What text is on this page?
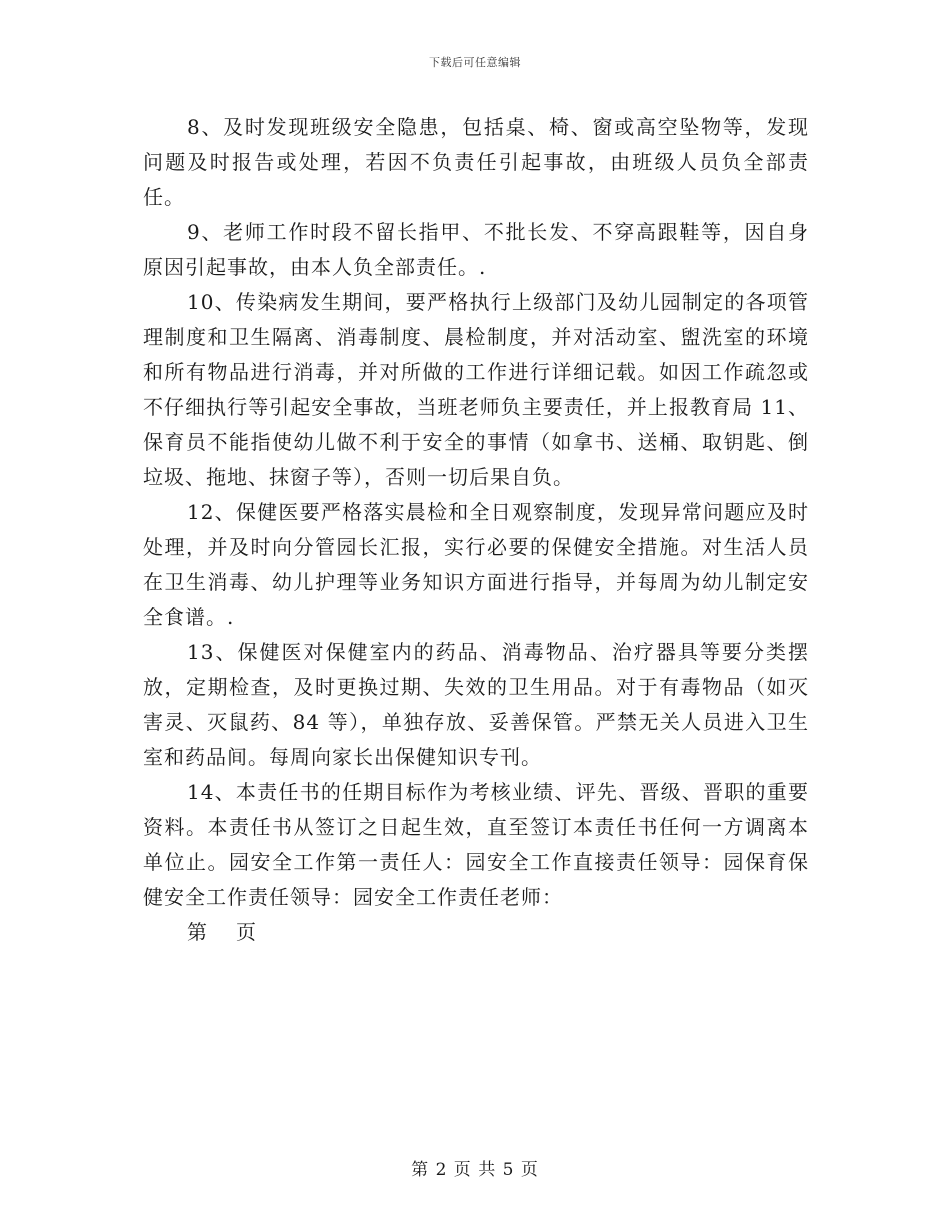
下载后可任意编辑

8、及时发现班级安全隐患，包括桌、椅、窗或高空坠物等，发现问题及时报告或处理，若因不负责任引起事故，由班级人员负全部责任。

9、老师工作时段不留长指甲、不批长发、不穿高跟鞋等，因自身原因引起事故，由本人负全部责任。.

10、传染病发生期间，要严格执行上级部门及幼儿园制定的各项管理制度和卫生隔离、消毒制度、晨检制度，并对活动室、盥洗室的环境和所有物品进行消毒，并对所做的工作进行详细记载。如因工作疏忽或不仔细执行等引起安全事故，当班老师负主要责任，并上报教育局 11、保育员不能指使幼儿做不利于安全的事情（如拿书、送桶、取钥匙、倒垃圾、拖地、抹窗子等），否则一切后果自负。

12、保健医要严格落实晨检和全日观察制度，发现异常问题应及时处理，并及时向分管园长汇报，实行必要的保健安全措施。对生活人员在卫生消毒、幼儿护理等业务知识方面进行指导，并每周为幼儿制定安全食谱。.

13、保健医对保健室内的药品、消毒物品、治疗器具等要分类摆放，定期检查，及时更换过期、失效的卫生用品。对于有毒物品（如灭害灵、灭鼠药、84 等），单独存放、妥善保管。严禁无关人员进入卫生室和药品间。每周向家长出保健知识专刊。

14、本责任书的任期目标作为考核业绩、评先、晋级、晋职的重要资料。本责任书从签订之日起生效，直至签订本责任书任何一方调离本单位止。园安全工作第一责任人：园安全工作直接责任领导：园保育保健安全工作责任领导：园安全工作责任老师：

第 页
第 2 页 共 5 页
